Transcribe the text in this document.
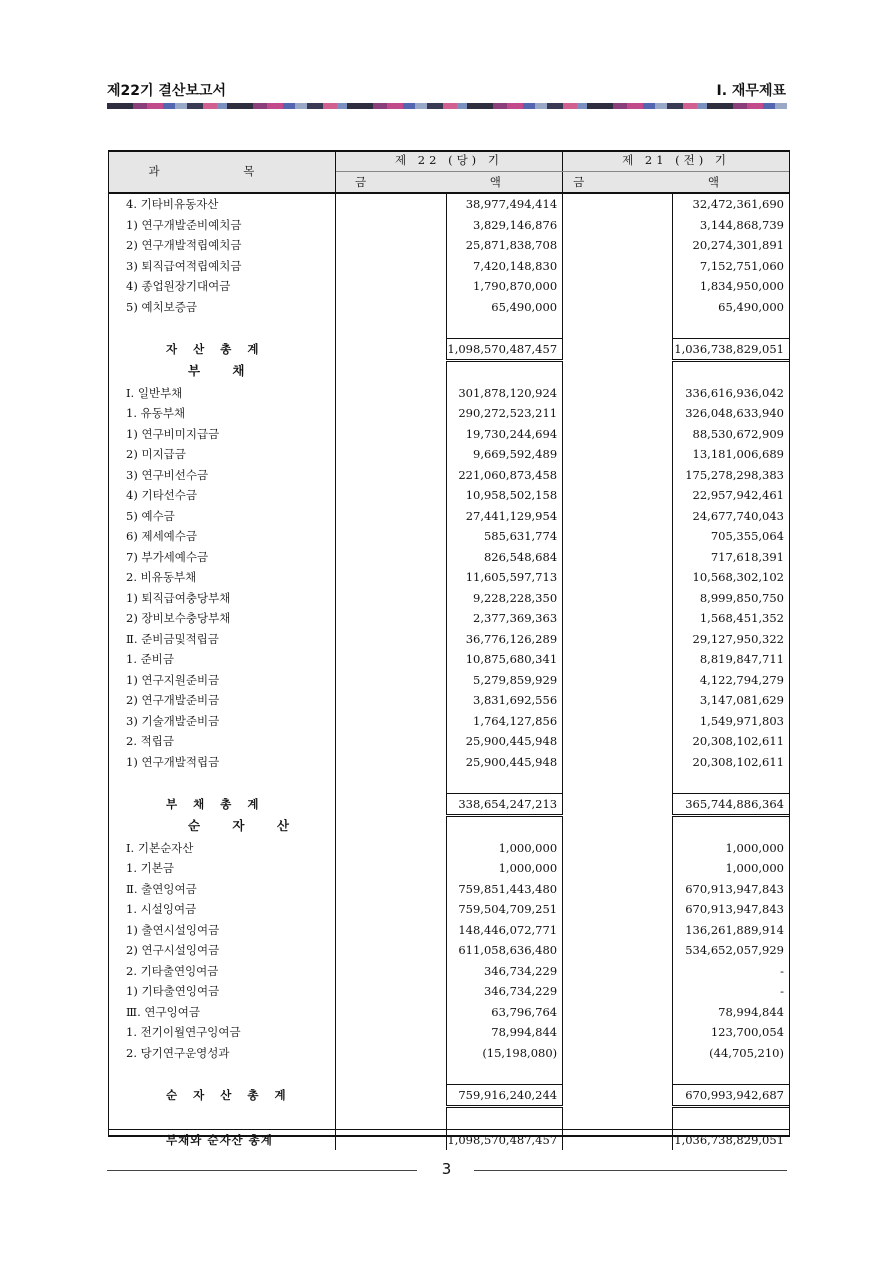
제22기 결산보고서	Ⅰ. 재무제표
과 목	제 22 (당) 기		제 21 (전) 기	
	금 액		금 액	
4. 기타비유동자산		38,977,494,414		32,472,361,690
1) 연구개발준비예치금		3,829,146,876		3,144,868,739
2) 연구개발적립예치금		25,871,838,708		20,274,301,891
3) 퇴직급여적립예치금		7,420,148,830		7,152,751,060
4) 종업원장기대여금		1,790,870,000		1,834,950,000
5) 예치보증금		65,490,000		65,490,000

자 산 총 계		1,098,570,487,457		1,036,738,829,051
부 채				
Ⅰ. 일반부채		301,878,120,924		336,616,936,042
1. 유동부채		290,272,523,211		326,048,633,940
1) 연구비미지급금		19,730,244,694		88,530,672,909
2) 미지급금		9,669,592,489		13,181,006,689
3) 연구비선수금		221,060,873,458		175,278,298,383
4) 기타선수금		10,958,502,158		22,957,942,461
5) 예수금		27,441,129,954		24,677,740,043
6) 제세예수금		585,631,774		705,355,064
7) 부가세예수금		826,548,684		717,618,391
2. 비유동부채		11,605,597,713		10,568,302,102
1) 퇴직급여충당부채		9,228,228,350		8,999,850,750
2) 장비보수충당부채		2,377,369,363		1,568,451,352
Ⅱ. 준비금및적립금		36,776,126,289		29,127,950,322
1. 준비금		10,875,680,341		8,819,847,711
1) 연구지원준비금		5,279,859,929		4,122,794,279
2) 연구개발준비금		3,831,692,556		3,147,081,629
3) 기술개발준비금		1,764,127,856		1,549,971,803
2. 적립금		25,900,445,948		20,308,102,611
1) 연구개발적립금		25,900,445,948		20,308,102,611

부 채 총 계		338,654,247,213		365,744,886,364
순 자 산				
Ⅰ. 기본순자산		1,000,000		1,000,000
1. 기본금		1,000,000		1,000,000
Ⅱ. 출연잉여금		759,851,443,480		670,913,947,843
1. 시설잉여금		759,504,709,251		670,913,947,843
1) 출연시설잉여금		148,446,072,771		136,261,889,914
2) 연구시설잉여금		611,058,636,480		534,652,057,929
2. 기타출연잉여금		346,734,229		-
1) 기타출연잉여금		346,734,229		-
Ⅲ. 연구잉여금		63,796,764		78,994,844
1. 전기이월연구잉여금		78,994,844		123,700,054
2. 당기연구운영성과		(15,198,080)		(44,705,210)

순 자 산 총 계		759,916,240,244		670,993,942,687

부채와 순자산 총계		1,098,570,487,457		1,036,738,829,051
3
